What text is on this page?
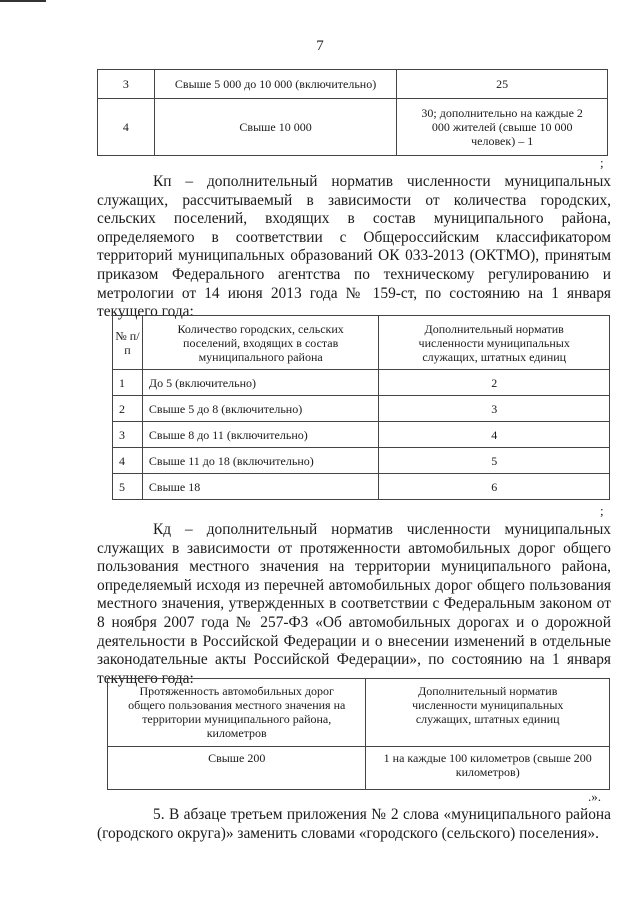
7
3	Свыше 5 000 до 10 000 (включительно)	25
4	Свыше 10 000	30; дополнительно на каждые 2 000 жителей (свыше 10 000 человек) – 1
;
Кп – дополнительный норматив численности муниципальных служащих, рассчитываемый в зависимости от количества городских, сельских поселений, входящих в состав муниципального района, определяемого в соответствии с Общероссийским классификатором территорий муниципальных образований ОК 033-2013 (ОКТМО), принятым приказом Федерального агентства по техническому регулированию и метрологии от 14 июня 2013 года № 159-ст, по состоянию на 1 января текущего года:
№ п/п	Количество городских, сельских поселений, входящих в состав муниципального района	Дополнительный норматив численности муниципальных служащих, штатных единиц
1	До 5 (включительно)	2
2	Свыше 5 до 8 (включительно)	3
3	Свыше 8 до 11 (включительно)	4
4	Свыше 11 до 18 (включительно)	5
5	Свыше 18	6
;
Кд – дополнительный норматив численности муниципальных служащих в зависимости от протяженности автомобильных дорог общего пользования местного значения на территории муниципального района, определяемый исходя из перечней автомобильных дорог общего пользования местного значения, утвержденных в соответствии с Федеральным законом от 8 ноября 2007 года № 257-ФЗ «Об автомобильных дорогах и о дорожной деятельности в Российской Федерации и о внесении изменений в отдельные законодательные акты Российской Федерации», по состоянию на 1 января текущего года:
Протяженность автомобильных дорог общего пользования местного значения на территории муниципального района, километров	Дополнительный норматив численности муниципальных служащих, штатных единиц
Свыше 200	1 на каждые 100 километров (свыше 200 километров)
.».
5. В абзаце третьем приложения № 2 слова «муниципального района (городского округа)» заменить словами «городского (сельского) поселения».
